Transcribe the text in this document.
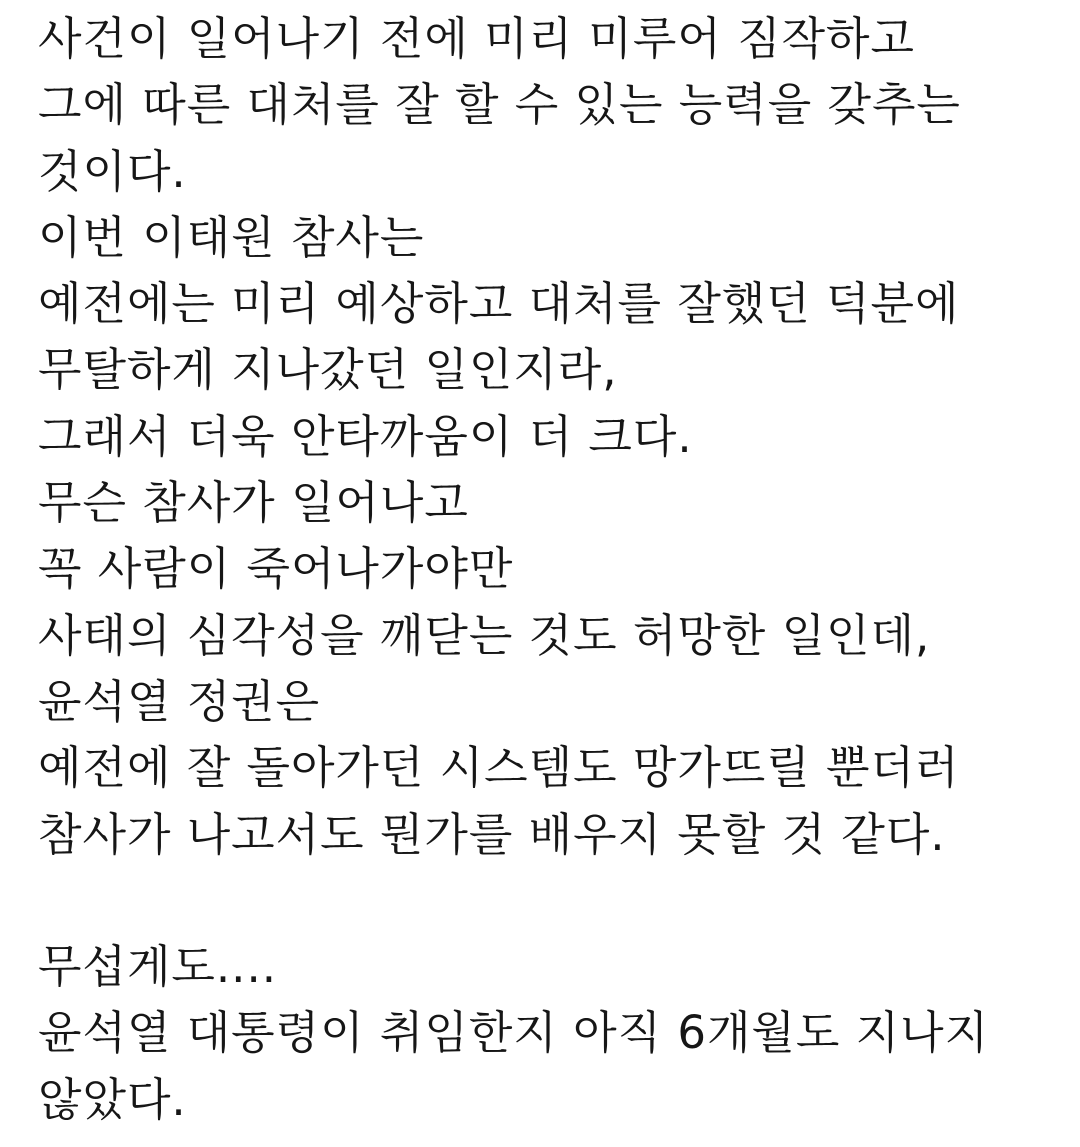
사건이 일어나기 전에 미리 미루어 짐작하고
그에 따른 대처를 잘 할 수 있는 능력을 갖추는
것이다.
이번 이태원 참사는
예전에는 미리 예상하고 대처를 잘했던 덕분에
무탈하게 지나갔던 일인지라,
그래서 더욱 안타까움이 더 크다.
무슨 참사가 일어나고
꼭 사람이 죽어나가야만
사태의 심각성을 깨닫는 것도 허망한 일인데,
윤석열 정권은
예전에 잘 돌아가던 시스템도 망가뜨릴 뿐더러
참사가 나고서도 뭔가를 배우지 못할 것 같다.
무섭게도....
윤석열 대통령이 취임한지 아직 6개월도 지나지
않았다.
